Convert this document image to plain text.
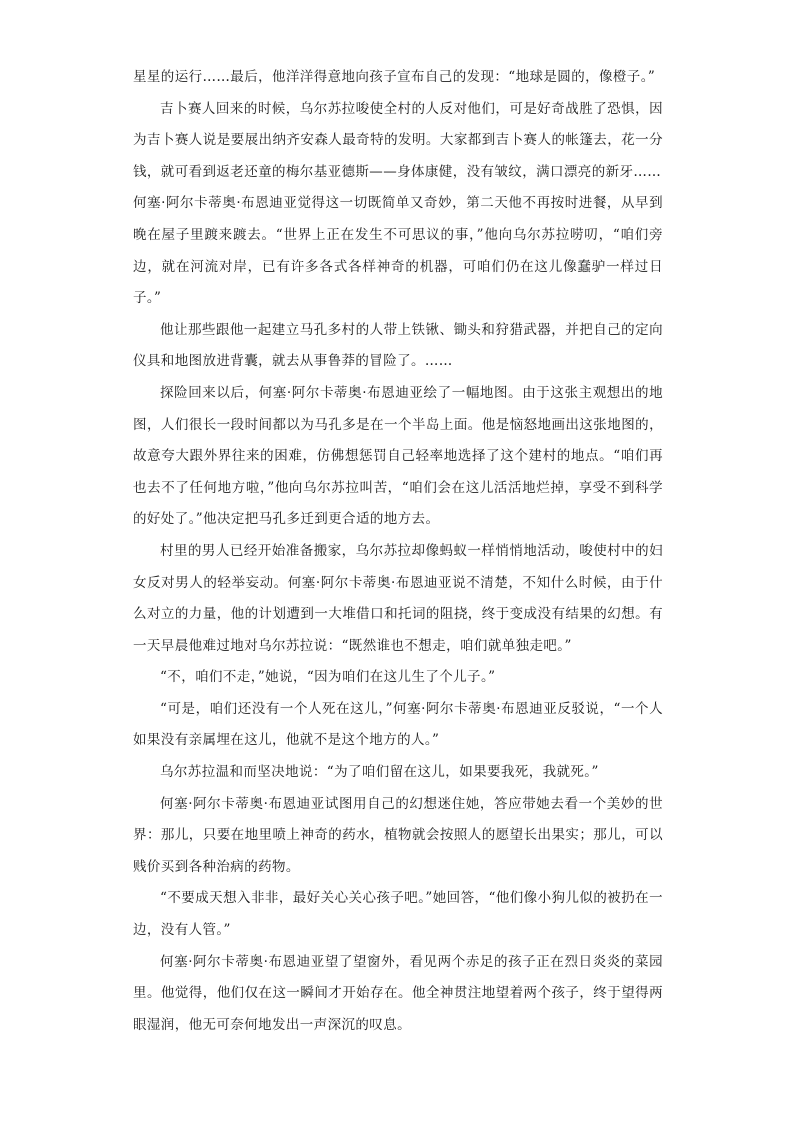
星星的运行……最后，他洋洋得意地向孩子宣布自己的发现：“地球是圆的，像橙子。”

吉卜赛人回来的时候，乌尔苏拉唆使全村的人反对他们，可是好奇战胜了恐惧，因为吉卜赛人说是要展出纳齐安森人最奇特的发明。大家都到吉卜赛人的帐篷去，花一分钱，就可看到返老还童的梅尔基亚德斯——身体康健，没有皱纹，满口漂亮的新牙……

何塞·阿尔卡蒂奥·布恩迪亚觉得这一切既简单又奇妙，第二天他不再按时进餐，从早到晚在屋子里踱来踱去。“世界上正在发生不可思议的事，”他向乌尔苏拉唠叨，“咱们旁边，就在河流对岸，已有许多各式各样神奇的机器，可咱们仍在这儿像蠢驴一样过日子。”

他让那些跟他一起建立马孔多村的人带上铁锹、锄头和狩猎武器，并把自己的定向仪具和地图放进背囊，就去从事鲁莽的冒险了。……

探险回来以后，何塞·阿尔卡蒂奥·布恩迪亚绘了一幅地图。由于这张主观想出的地图，人们很长一段时间都以为马孔多是在一个半岛上面。他是恼怒地画出这张地图的，故意夸大跟外界往来的困难，仿佛想惩罚自己轻率地选择了这个建村的地点。“咱们再也去不了任何地方啦，”他向乌尔苏拉叫苦，“咱们会在这儿活活地烂掉，享受不到科学的好处了。”他决定把马孔多迁到更合适的地方去。

村里的男人已经开始准备搬家，乌尔苏拉却像蚂蚁一样悄悄地活动，唆使村中的妇女反对男人的轻举妄动。何塞·阿尔卡蒂奥·布恩迪亚说不清楚，不知什么时候，由于什么对立的力量，他的计划遭到一大堆借口和托词的阻挠，终于变成没有结果的幻想。有一天早晨他难过地对乌尔苏拉说：“既然谁也不想走，咱们就单独走吧。”

“不，咱们不走，”她说，“因为咱们在这儿生了个儿子。”

“可是，咱们还没有一个人死在这儿，”何塞·阿尔卡蒂奥·布恩迪亚反驳说，“一个人如果没有亲属埋在这儿，他就不是这个地方的人。”

乌尔苏拉温和而坚决地说：“为了咱们留在这儿，如果要我死，我就死。”

何塞·阿尔卡蒂奥·布恩迪亚试图用自己的幻想迷住她，答应带她去看一个美妙的世界：那儿，只要在地里喷上神奇的药水，植物就会按照人的愿望长出果实；那儿，可以贱价买到各种治病的药物。

“不要成天想入非非，最好关心关心孩子吧。”她回答，“他们像小狗儿似的被扔在一边，没有人管。”

何塞·阿尔卡蒂奥·布恩迪亚望了望窗外，看见两个赤足的孩子正在烈日炎炎的菜园里。他觉得，他们仅在这一瞬间才开始存在。他全神贯注地望着两个孩子，终于望得两眼湿润，他无可奈何地发出一声深沉的叹息。
